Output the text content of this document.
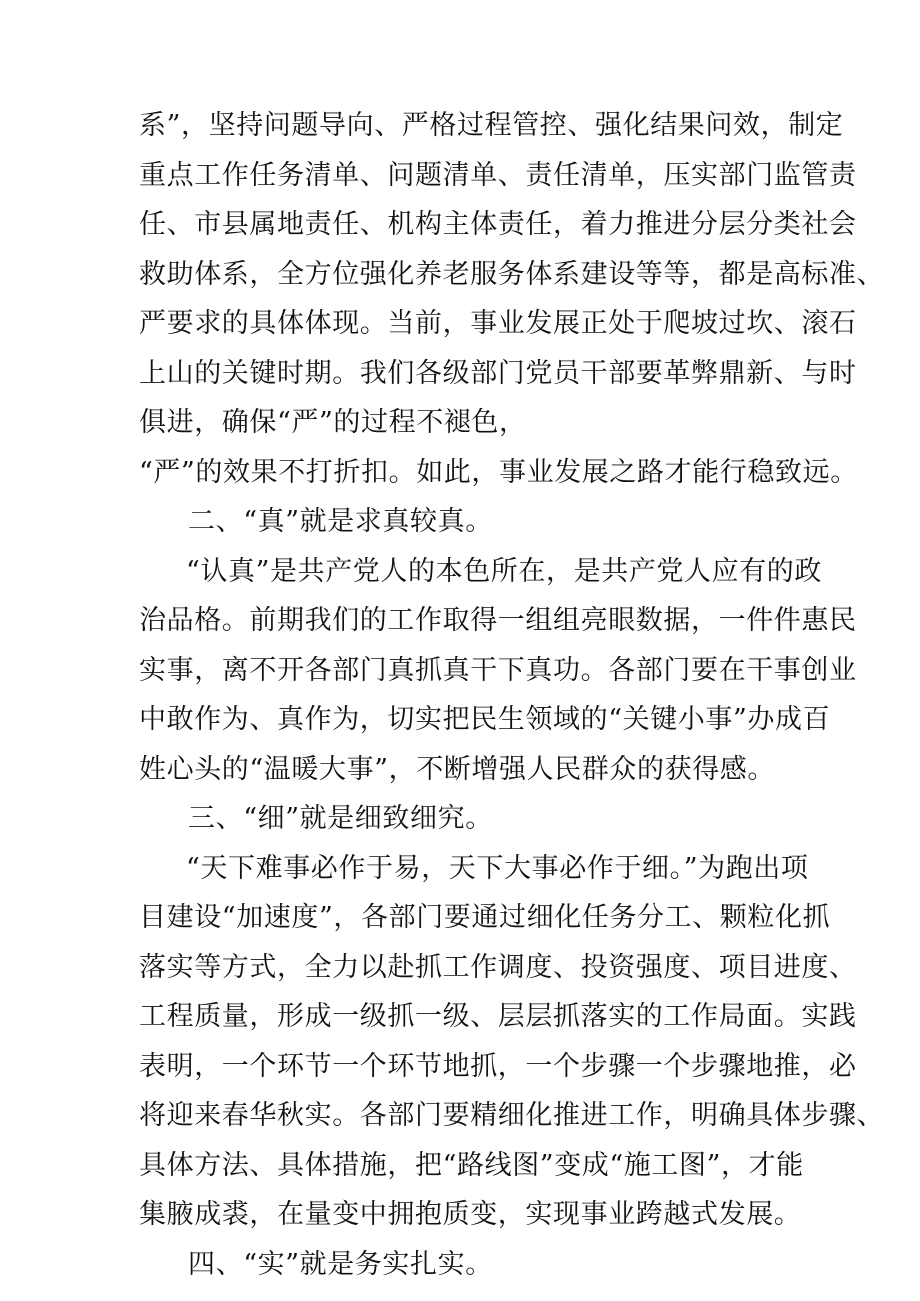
系”，坚持问题导向、严格过程管控、强化结果问效，制定
重点工作任务清单、问题清单、责任清单，压实部门监管责
任、市县属地责任、机构主体责任，着力推进分层分类社会
救助体系，全方位强化养老服务体系建设等等，都是高标准、
严要求的具体体现。当前，事业发展正处于爬坡过坎、滚石
上山的关键时期。我们各级部门党员干部要革弊鼎新、与时
俱进，确保“严”的过程不褪色，
“严”的效果不打折扣。如此，事业发展之路才能行稳致远。
二、“真”就是求真较真。
“认真”是共产党人的本色所在，是共产党人应有的政
治品格。前期我们的工作取得一组组亮眼数据，一件件惠民
实事，离不开各部门真抓真干下真功。各部门要在干事创业
中敢作为、真作为，切实把民生领域的“关键小事”办成百
姓心头的“温暖大事”，不断增强人民群众的获得感。
三、“细”就是细致细究。
“天下难事必作于易，天下大事必作于细。”为跑出项
目建设“加速度”，各部门要通过细化任务分工、颗粒化抓
落实等方式，全力以赴抓工作调度、投资强度、项目进度、
工程质量，形成一级抓一级、层层抓落实的工作局面。实践
表明，一个环节一个环节地抓，一个步骤一个步骤地推，必
将迎来春华秋实。各部门要精细化推进工作，明确具体步骤、
具体方法、具体措施，把“路线图”变成“施工图”，才能
集腋成裘，在量变中拥抱质变，实现事业跨越式发展。
四、“实”就是务实扎实。
